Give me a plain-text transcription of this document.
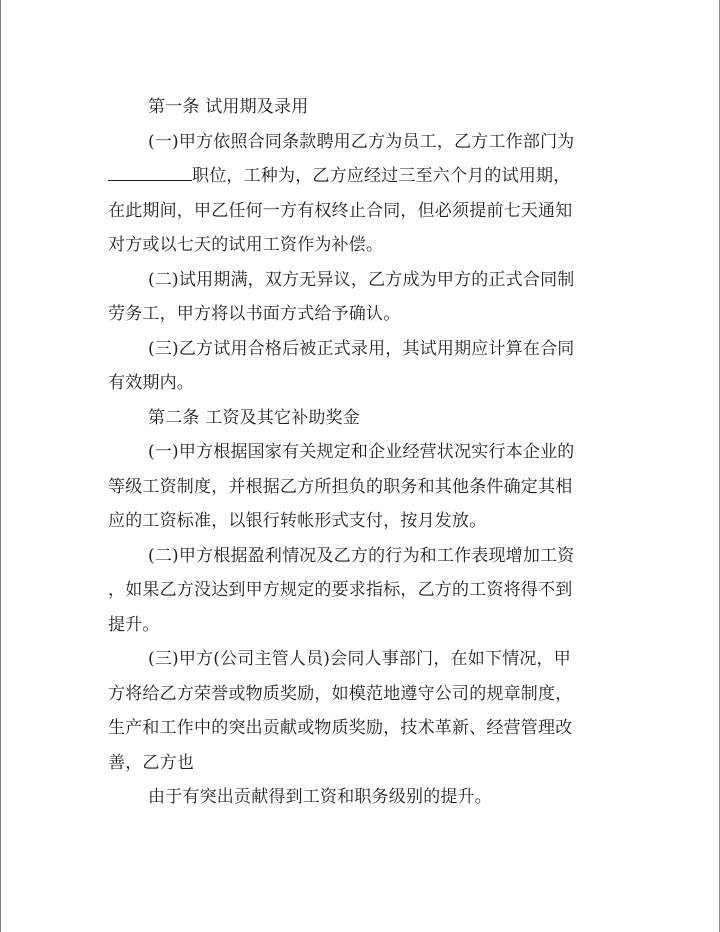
第一条 试用期及录用
(一)甲方依照合同条款聘用乙方为员工，乙方工作部门为
职位，工种为，乙方应经过三至六个月的试用期，
在此期间，甲乙任何一方有权终止合同，但必须提前七天通知
对方或以七天的试用工资作为补偿。
(二)试用期满，双方无异议，乙方成为甲方的正式合同制
劳务工，甲方将以书面方式给予确认。
(三)乙方试用合格后被正式录用，其试用期应计算在合同
有效期内。
第二条 工资及其它补助奖金
(一)甲方根据国家有关规定和企业经营状况实行本企业的
等级工资制度，并根据乙方所担负的职务和其他条件确定其相
应的工资标准，以银行转帐形式支付，按月发放。
(二)甲方根据盈利情况及乙方的行为和工作表现增加工资
，如果乙方没达到甲方规定的要求指标，乙方的工资将得不到
提升。
(三)甲方(公司主管人员)会同人事部门，在如下情况，甲
方将给乙方荣誉或物质奖励，如模范地遵守公司的规章制度，
生产和工作中的突出贡献或物质奖励，技术革新、经营管理改
善，乙方也
由于有突出贡献得到工资和职务级别的提升。
